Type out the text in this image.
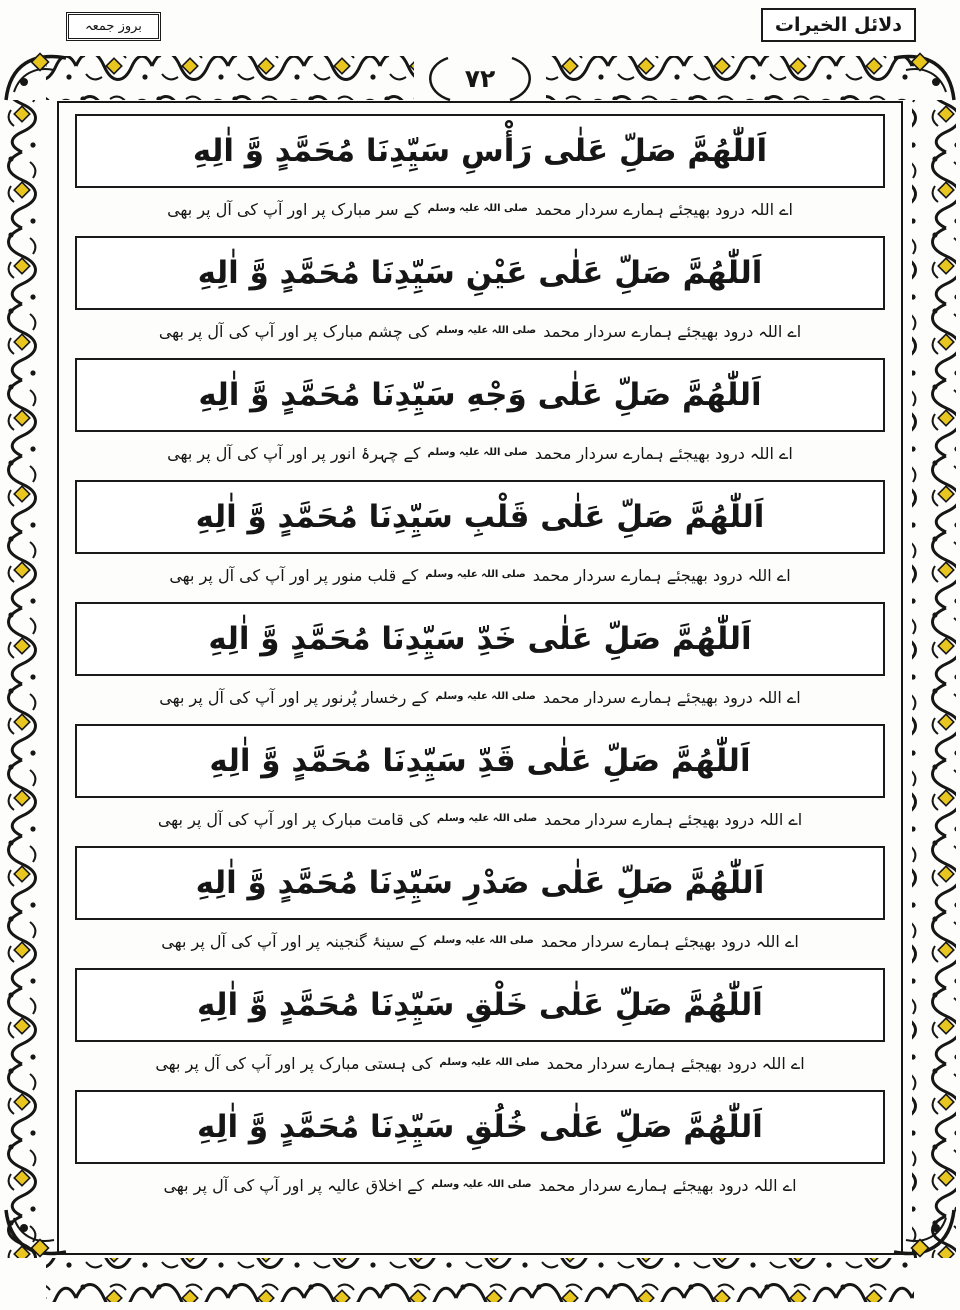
بروز جمعہ	دلائل الخیرات
۷۲
اَللّٰهُمَّ صَلِّ عَلٰی رَأْسِ سَیِّدِنَا مُحَمَّدٍ وَّ اٰلِهِ

اے اللہ درود بھیجئے ہمارے سردار محمد صلی اللہ علیہ وسلم کے سر مبارک پر اور آپ کی آل پر بھی

اَللّٰهُمَّ صَلِّ عَلٰی عَیْنِ سَیِّدِنَا مُحَمَّدٍ وَّ اٰلِهِ

اے اللہ درود بھیجئے ہمارے سردار محمد صلی اللہ علیہ وسلم کی چشم مبارک پر اور آپ کی آل پر بھی

اَللّٰهُمَّ صَلِّ عَلٰی وَجْهِ سَیِّدِنَا مُحَمَّدٍ وَّ اٰلِهِ

اے اللہ درود بھیجئے ہمارے سردار محمد صلی اللہ علیہ وسلم کے چہرۂ انور پر اور آپ کی آل پر بھی

اَللّٰهُمَّ صَلِّ عَلٰی قَلْبِ سَیِّدِنَا مُحَمَّدٍ وَّ اٰلِهِ

اے اللہ درود بھیجئے ہمارے سردار محمد صلی اللہ علیہ وسلم کے قلب منور پر اور آپ کی آل پر بھی

اَللّٰهُمَّ صَلِّ عَلٰی خَدِّ سَیِّدِنَا مُحَمَّدٍ وَّ اٰلِهِ

اے اللہ درود بھیجئے ہمارے سردار محمد صلی اللہ علیہ وسلم کے رخسار پُرنور پر اور آپ کی آل پر بھی

اَللّٰهُمَّ صَلِّ عَلٰی قَدِّ سَیِّدِنَا مُحَمَّدٍ وَّ اٰلِهِ

اے اللہ درود بھیجئے ہمارے سردار محمد صلی اللہ علیہ وسلم کی قامت مبارک پر اور آپ کی آل پر بھی

اَللّٰهُمَّ صَلِّ عَلٰی صَدْرِ سَیِّدِنَا مُحَمَّدٍ وَّ اٰلِهِ

اے اللہ درود بھیجئے ہمارے سردار محمد صلی اللہ علیہ وسلم کے سینۂ گنجینہ پر اور آپ کی آل پر بھی

اَللّٰهُمَّ صَلِّ عَلٰی خَلْقِ سَیِّدِنَا مُحَمَّدٍ وَّ اٰلِهِ

اے اللہ درود بھیجئے ہمارے سردار محمد صلی اللہ علیہ وسلم کی ہستی مبارک پر اور آپ کی آل پر بھی

اَللّٰهُمَّ صَلِّ عَلٰی خُلُقِ سَیِّدِنَا مُحَمَّدٍ وَّ اٰلِهِ

اے اللہ درود بھیجئے ہمارے سردار محمد صلی اللہ علیہ وسلم کے اخلاق عالیہ پر اور آپ کی آل پر بھی
